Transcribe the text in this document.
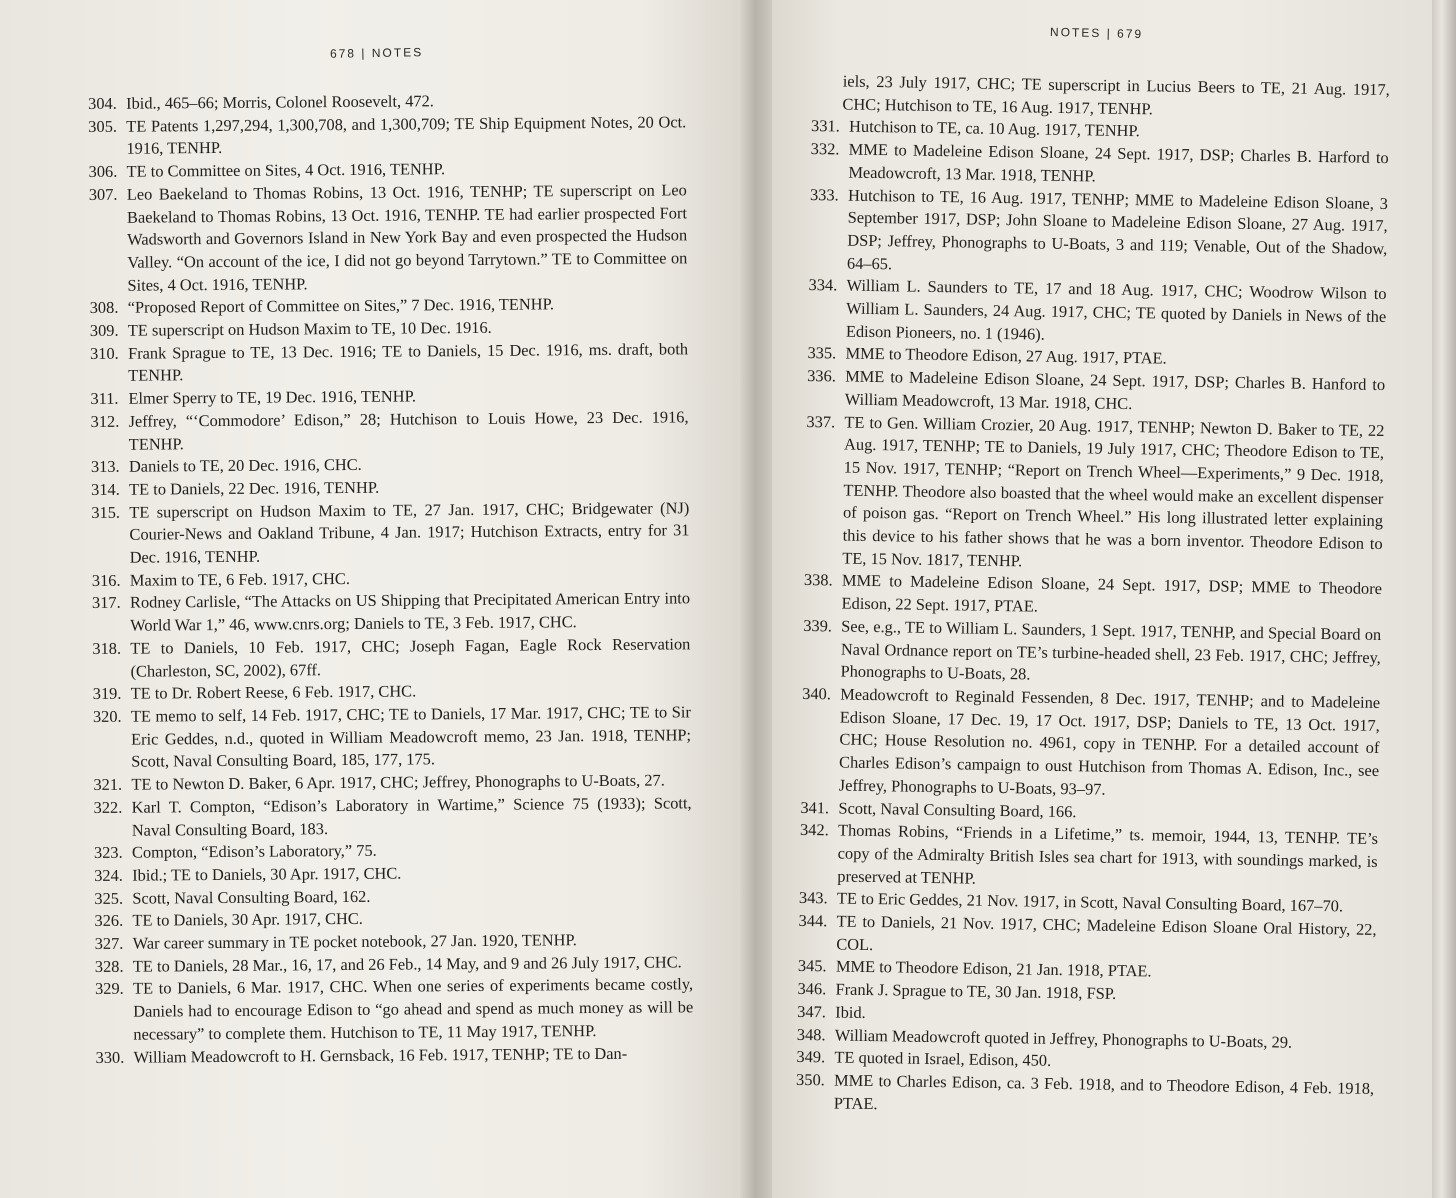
678 | NOTES
304. Ibid., 465–66; Morris, Colonel Roosevelt, 472.
305. TE Patents 1,297,294, 1,300,708, and 1,300,709; TE Ship Equipment Notes, 20 Oct. 1916, TENHP.
306. TE to Committee on Sites, 4 Oct. 1916, TENHP.
307. Leo Baekeland to Thomas Robins, 13 Oct. 1916, TENHP; TE superscript on Leo Baekeland to Thomas Robins, 13 Oct. 1916, TENHP. TE had earlier prospected Fort Wadsworth and Governors Island in New York Bay and even prospected the Hudson Valley. “On account of the ice, I did not go beyond Tarrytown.” TE to Committee on Sites, 4 Oct. 1916, TENHP.
308. “Proposed Report of Committee on Sites,” 7 Dec. 1916, TENHP.
309. TE superscript on Hudson Maxim to TE, 10 Dec. 1916.
310. Frank Sprague to TE, 13 Dec. 1916; TE to Daniels, 15 Dec. 1916, ms. draft, both TENHP.
311. Elmer Sperry to TE, 19 Dec. 1916, TENHP.
312. Jeffrey, “‘Commodore’ Edison,” 28; Hutchison to Louis Howe, 23 Dec. 1916, TENHP.
313. Daniels to TE, 20 Dec. 1916, CHC.
314. TE to Daniels, 22 Dec. 1916, TENHP.
315. TE superscript on Hudson Maxim to TE, 27 Jan. 1917, CHC; Bridgewater (NJ) Courier-News and Oakland Tribune, 4 Jan. 1917; Hutchison Extracts, entry for 31 Dec. 1916, TENHP.
316. Maxim to TE, 6 Feb. 1917, CHC.
317. Rodney Carlisle, “The Attacks on US Shipping that Precipitated American Entry into World War 1,” 46, www.cnrs.org; Daniels to TE, 3 Feb. 1917, CHC.
318. TE to Daniels, 10 Feb. 1917, CHC; Joseph Fagan, Eagle Rock Reservation (Charleston, SC, 2002), 67ff.
319. TE to Dr. Robert Reese, 6 Feb. 1917, CHC.
320. TE memo to self, 14 Feb. 1917, CHC; TE to Daniels, 17 Mar. 1917, CHC; TE to Sir Eric Geddes, n.d., quoted in William Meadowcroft memo, 23 Jan. 1918, TENHP; Scott, Naval Consulting Board, 185, 177, 175.
321. TE to Newton D. Baker, 6 Apr. 1917, CHC; Jeffrey, Phonographs to U-Boats, 27.
322. Karl T. Compton, “Edison’s Laboratory in Wartime,” Science 75 (1933); Scott, Naval Consulting Board, 183.
323. Compton, “Edison’s Laboratory,” 75.
324. Ibid.; TE to Daniels, 30 Apr. 1917, CHC.
325. Scott, Naval Consulting Board, 162.
326. TE to Daniels, 30 Apr. 1917, CHC.
327. War career summary in TE pocket notebook, 27 Jan. 1920, TENHP.
328. TE to Daniels, 28 Mar., 16, 17, and 26 Feb., 14 May, and 9 and 26 July 1917, CHC.
329. TE to Daniels, 6 Mar. 1917, CHC. When one series of experiments became costly, Daniels had to encourage Edison to “go ahead and spend as much money as will be necessary” to complete them. Hutchison to TE, 11 May 1917, TENHP.
330. William Meadowcroft to H. Gernsback, 16 Feb. 1917, TENHP; TE to Dan-
NOTES | 679
iels, 23 July 1917, CHC; TE superscript in Lucius Beers to TE, 21 Aug. 1917, CHC; Hutchison to TE, 16 Aug. 1917, TENHP.
331. Hutchison to TE, ca. 10 Aug. 1917, TENHP.
332. MME to Madeleine Edison Sloane, 24 Sept. 1917, DSP; Charles B. Harford to Meadowcroft, 13 Mar. 1918, TENHP.
333. Hutchison to TE, 16 Aug. 1917, TENHP; MME to Madeleine Edison Sloane, 3 September 1917, DSP; John Sloane to Madeleine Edison Sloane, 27 Aug. 1917, DSP; Jeffrey, Phonographs to U-Boats, 3 and 119; Venable, Out of the Shadow, 64–65.
334. William L. Saunders to TE, 17 and 18 Aug. 1917, CHC; Woodrow Wilson to William L. Saunders, 24 Aug. 1917, CHC; TE quoted by Daniels in News of the Edison Pioneers, no. 1 (1946).
335. MME to Theodore Edison, 27 Aug. 1917, PTAE.
336. MME to Madeleine Edison Sloane, 24 Sept. 1917, DSP; Charles B. Hanford to William Meadowcroft, 13 Mar. 1918, CHC.
337. TE to Gen. William Crozier, 20 Aug. 1917, TENHP; Newton D. Baker to TE, 22 Aug. 1917, TENHP; TE to Daniels, 19 July 1917, CHC; Theodore Edison to TE, 15 Nov. 1917, TENHP; “Report on Trench Wheel—Experiments,” 9 Dec. 1918, TENHP. Theodore also boasted that the wheel would make an excellent dispenser of poison gas. “Report on Trench Wheel.” His long illustrated letter explaining this device to his father shows that he was a born inventor. Theodore Edison to TE, 15 Nov. 1817, TENHP.
338. MME to Madeleine Edison Sloane, 24 Sept. 1917, DSP; MME to Theodore Edison, 22 Sept. 1917, PTAE.
339. See, e.g., TE to William L. Saunders, 1 Sept. 1917, TENHP, and Special Board on Naval Ordnance report on TE’s turbine-headed shell, 23 Feb. 1917, CHC; Jeffrey, Phonographs to U-Boats, 28.
340. Meadowcroft to Reginald Fessenden, 8 Dec. 1917, TENHP; and to Madeleine Edison Sloane, 17 Dec. 19, 17 Oct. 1917, DSP; Daniels to TE, 13 Oct. 1917, CHC; House Resolution no. 4961, copy in TENHP. For a detailed account of Charles Edison’s campaign to oust Hutchison from Thomas A. Edison, Inc., see Jeffrey, Phonographs to U-Boats, 93–97.
341. Scott, Naval Consulting Board, 166.
342. Thomas Robins, “Friends in a Lifetime,” ts. memoir, 1944, 13, TENHP. TE’s copy of the Admiralty British Isles sea chart for 1913, with soundings marked, is preserved at TENHP.
343. TE to Eric Geddes, 21 Nov. 1917, in Scott, Naval Consulting Board, 167–70.
344. TE to Daniels, 21 Nov. 1917, CHC; Madeleine Edison Sloane Oral History, 22, COL.
345. MME to Theodore Edison, 21 Jan. 1918, PTAE.
346. Frank J. Sprague to TE, 30 Jan. 1918, FSP.
347. Ibid.
348. William Meadowcroft quoted in Jeffrey, Phonographs to U-Boats, 29.
349. TE quoted in Israel, Edison, 450.
350. MME to Charles Edison, ca. 3 Feb. 1918, and to Theodore Edison, 4 Feb. 1918, PTAE.
